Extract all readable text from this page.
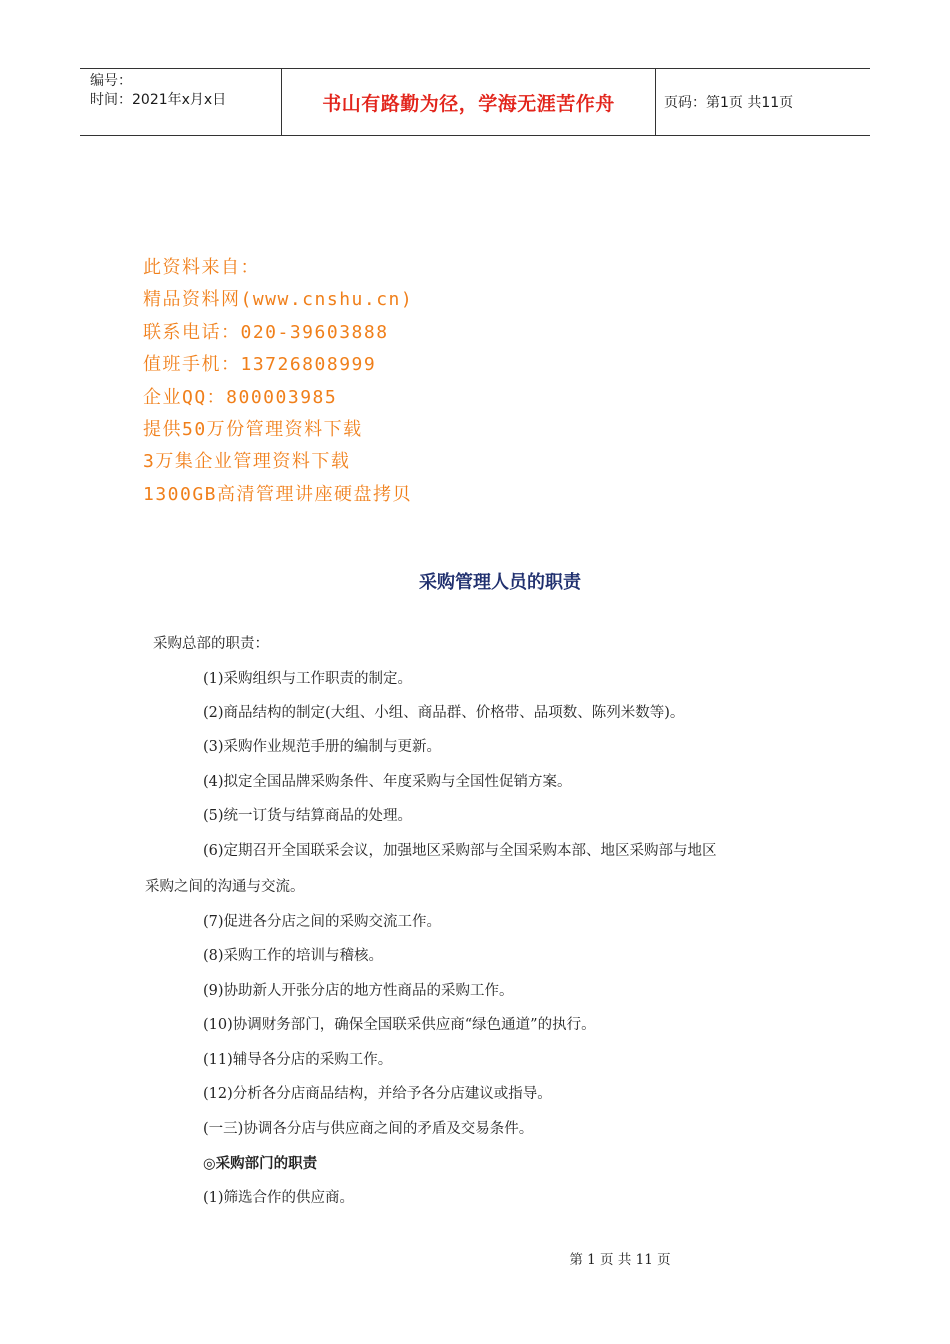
编号：
时间：2021年x月x日	书山有路勤为径，学海无涯苦作舟	页码：第1页 共11页
此资料来自：
精品资料网(www.cnshu.cn)
联系电话：020-39603888
值班手机：13726808999
企业QQ：800003985
提供50万份管理资料下载
3万集企业管理资料下载
1300GB高清管理讲座硬盘拷贝
采购管理人员的职责
采购总部的职责：
(1)采购组织与工作职责的制定。
(2)商品结构的制定(大组、小组、商品群、价格带、品项数、陈列米数等)。
(3)采购作业规范手册的编制与更新。
(4)拟定全国品牌采购条件、年度采购与全国性促销方案。
(5)统一订货与结算商品的处理。
(6)定期召开全国联采会议，加强地区采购部与全国采购本部、地区采购部与地区
采购之间的沟通与交流。
(7)促进各分店之间的采购交流工作。
(8)采购工作的培训与稽核。
(9)协助新人开张分店的地方性商品的采购工作。
(10)协调财务部门，确保全国联采供应商“绿色通道”的执行。
(11)辅导各分店的采购工作。
(12)分析各分店商品结构，并给予各分店建议或指导。
(一三)协调各分店与供应商之间的矛盾及交易条件。
◎采购部门的职责
(1)筛选合作的供应商。
第 1 页 共 11 页
